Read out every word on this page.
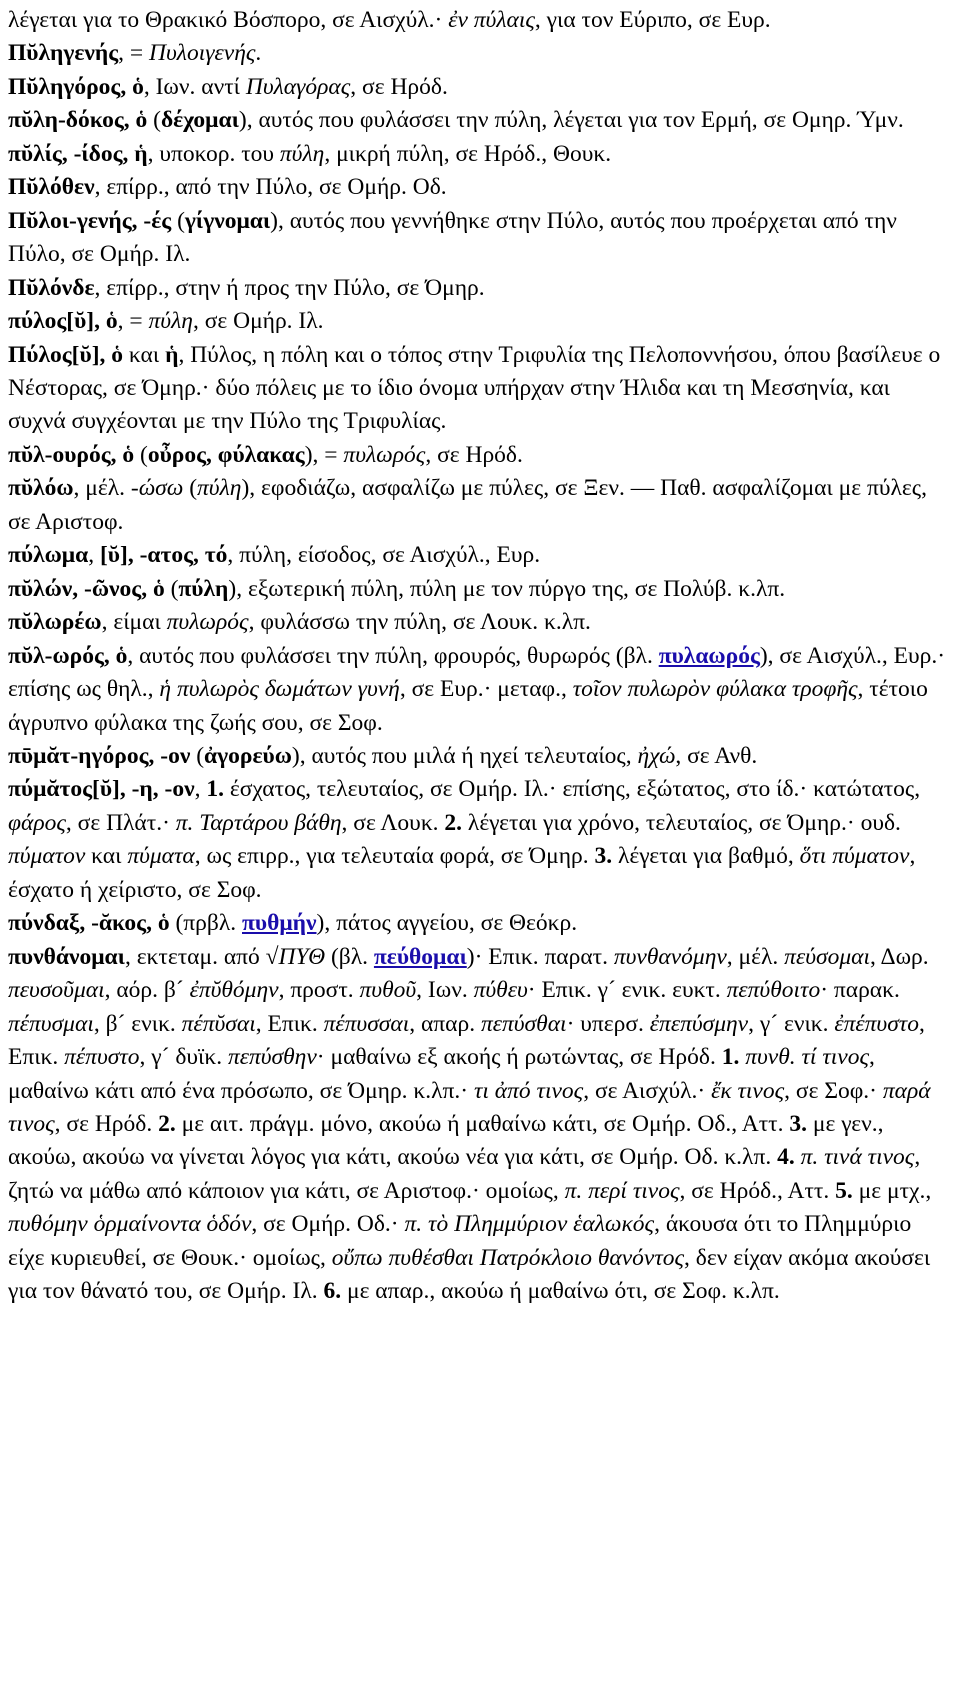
λέγεται για το Θρακικό Βόσπορο, σε Αισχύλ.· ἐν πύλαις, για τον Εύριπο, σε Ευρ.

Πῠληγενής, = Πυλοιγενής.

Πῠληγόρος, ὁ, Ιων. αντί Πυλαγόρας, σε Ηρόδ.

πῠλη-δόκος, ὁ (δέχομαι), αυτός που φυλάσσει την πύλη, λέγεται για τον Ερμή, σε Ομηρ. Ύμν.

πῠλίς, -ίδος, ἡ, υποκορ. του πύλη, μικρή πύλη, σε Ηρόδ., Θουκ.

Πῠλόθεν, επίρρ., από την Πύλο, σε Ομήρ. Οδ.

Πῠλοι-γενής, -ές (γίγνομαι), αυτός που γεννήθηκε στην Πύλο, αυτός που προέρχεται από την Πύλο, σε Ομήρ. Ιλ.

Πῠλόνδε, επίρρ., στην ή προς την Πύλο, σε Όμηρ.

πύλος[ῠ], ὁ, = πύλη, σε Ομήρ. Ιλ.

Πύλος[ῠ], ὁ και ἡ, Πύλος, η πόλη και ο τόπος στην Τριφυλία της Πελοποννήσου, όπου βασίλευε ο Νέστορας, σε Όμηρ.· δύο πόλεις με το ίδιο όνομα υπήρχαν στην Ήλιδα και τη Μεσσηνία, και συχνά συγχέονται με την Πύλο της Τριφυλίας.

πῠλ-ουρός, ὁ (οὖρος, φύλακας), = πυλωρός, σε Ηρόδ.

πῠλόω, μέλ. -ώσω (πύλη), εφοδιάζω, ασφαλίζω με πύλες, σε Ξεν. — Παθ. ασφαλίζομαι με πύλες, σε Αριστοφ.

πύλωμα, [ῠ], -ατος, τό, πύλη, είσοδος, σε Αισχύλ., Ευρ.

πῠλών, -ῶνος, ὁ (πύλη), εξωτερική πύλη, πύλη με τον πύργο της, σε Πολύβ. κ.λπ.

πῠλωρέω, είμαι πυλωρός, φυλάσσω την πύλη, σε Λουκ. κ.λπ.

πῠλ-ωρός, ὁ, αυτός που φυλάσσει την πύλη, φρουρός, θυρωρός (βλ. πυλαωρός), σε Αισχύλ., Ευρ.· επίσης ως θηλ., ἡ πυλωρὸς δωμάτων γυνή, σε Ευρ.· μεταφ., τοῖον πυλωρὸν φύλακα τροφῆς, τέτοιο άγρυπνο φύλακα της ζωής σου, σε Σοφ.

πῡμᾰτ-ηγόρος, -ον (ἀγορεύω), αυτός που μιλά ή ηχεί τελευταίος, ἠχώ, σε Ανθ.

πύμᾰτος[ῠ], -η, -ον, 1. έσχατος, τελευταίος, σε Ομήρ. Ιλ.· επίσης, εξώτατος, στο ίδ.· κατώτατος, φάρος, σε Πλάτ.· π. Ταρτάρου βάθη, σε Λουκ. 2. λέγεται για χρόνο, τελευταίος, σε Όμηρ.· ουδ. πύματον και πύματα, ως επιρρ., για τελευταία φορά, σε Όμηρ. 3. λέγεται για βαθμό, ὅτι πύματον, έσχατο ή χείριστο, σε Σοφ.

πύνδαξ, -ᾰκος, ὁ (πρβλ. πυθμήν), πάτος αγγείου, σε Θεόκρ.

πυνθάνομαι, εκτεταμ. από √ΠΥΘ (βλ. πεύθομαι)· Επικ. παρατ. πυνθανόμην, μέλ. πεύσομαι, Δωρ. πευσοῦμαι, αόρ. β´ ἐπῠθόμην, προστ. πυθοῦ, Ιων. πύθευ· Επικ. γ´ ενικ. ευκτ. πεπύθοιτο· παρακ. πέπυσμαι, β´ ενικ. πέπῠσαι, Επικ. πέπυσσαι, απαρ. πεπύσθαι· υπερσ. ἐπεπύσμην, γ´ ενικ. ἐπέπυστο, Επικ. πέπυστο, γ´ δυϊκ. πεπύσθην· μαθαίνω εξ ακοής ή ρωτώντας, σε Ηρόδ. 1. πυνθ. τί τινος, μαθαίνω κάτι από ένα πρόσωπο, σε Όμηρ. κ.λπ.· τι ἀπό τινος, σε Αισχύλ.· ἔκ τινος, σε Σοφ.· παρά τινος, σε Ηρόδ. 2. με αιτ. πράγμ. μόνο, ακούω ή μαθαίνω κάτι, σε Ομήρ. Οδ., Αττ. 3. με γεν., ακούω, ακούω να γίνεται λόγος για κάτι, ακούω νέα για κάτι, σε Ομήρ. Οδ. κ.λπ. 4. π. τινά τινος, ζητώ να μάθω από κάποιον για κάτι, σε Αριστοφ.· ομοίως, π. περί τινος, σε Ηρόδ., Αττ. 5. με μτχ., πυθόμην ὁρμαίνοντα ὁδόν, σε Ομήρ. Οδ.· π. τὸ Πλημμύριον ἑαλωκός, άκουσα ότι το Πλημμύριο είχε κυριευθεί, σε Θουκ.· ομοίως, οὔπω πυθέσθαι Πατρόκλοιο θανόντος, δεν είχαν ακόμα ακούσει για τον θάνατό του, σε Ομήρ. Ιλ. 6. με απαρ., ακούω ή μαθαίνω ότι, σε Σοφ. κ.λπ.
